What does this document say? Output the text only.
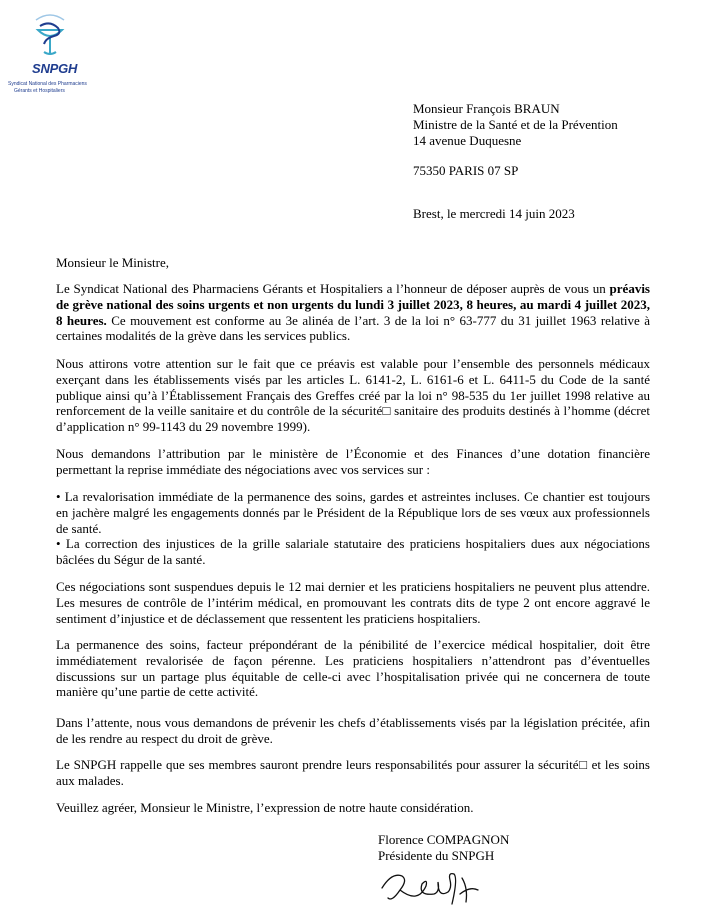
SNPGH
Syndicat National des Pharmaciens
Gérants et Hospitaliers
Monsieur François BRAUN
Ministre de la Santé et de la Prévention
14 avenue Duquesne
75350 PARIS 07 SP
Brest, le mercredi 14 juin 2023
Monsieur le Ministre,

Le Syndicat National des Pharmaciens Gérants et Hospitaliers a l’honneur de déposer auprès de vous un préavis de grève national des soins urgents et non urgents du lundi 3 juillet 2023, 8 heures, au mardi 4 juillet 2023, 8 heures. Ce mouvement est conforme au 3e alinéa de l’art. 3 de la loi n° 63-777 du 31 juillet 1963 relative à certaines modalités de la grève dans les services publics.

Nous attirons votre attention sur le fait que ce préavis est valable pour l’ensemble des personnels médicaux exerçant dans les établissements visés par les articles L. 6141-2, L. 6161-6 et L. 6411-5 du Code de la santé publique ainsi qu’à l’Établissement Français des Greffes créé par la loi n° 98-535 du 1er juillet 1998 relative au renforcement de la veille sanitaire et du contrôle de la sécurité□ sanitaire des produits destinés à l’homme (décret d’application n° 99-1143 du 29 novembre 1999).

Nous demandons l’attribution par le ministère de l’Économie et des Finances d’une dotation financière permettant la reprise immédiate des négociations avec vos services sur :

• La revalorisation immédiate de la permanence des soins, gardes et astreintes incluses. Ce chantier est toujours en jachère malgré les engagements donnés par le Président de la République lors de ses vœux aux professionnels de santé.

• La correction des injustices de la grille salariale statutaire des praticiens hospitaliers dues aux négociations bâclées du Ségur de la santé.

Ces négociations sont suspendues depuis le 12 mai dernier et les praticiens hospitaliers ne peuvent plus attendre. Les mesures de contrôle de l’intérim médical, en promouvant les contrats dits de type 2 ont encore aggravé le sentiment d’injustice et de déclassement que ressentent les praticiens hospitaliers.

La permanence des soins, facteur prépondérant de la pénibilité de l’exercice médical hospitalier, doit être immédiatement revalorisée de façon pérenne. Les praticiens hospitaliers n’attendront pas d’éventuelles discussions sur un partage plus équitable de celle-ci avec l’hospitalisation privée qui ne concernera de toute manière qu’une partie de cette activité.

Dans l’attente, nous vous demandons de prévenir les chefs d’établissements visés par la législation précitée, afin de les rendre au respect du droit de grève.

Le SNPGH rappelle que ses membres sauront prendre leurs responsabilités pour assurer la sécurité□ et les soins aux malades.

Veuillez agréer, Monsieur le Ministre, l’expression de notre haute considération.

Florence COMPAGNON
Présidente du SNPGH
